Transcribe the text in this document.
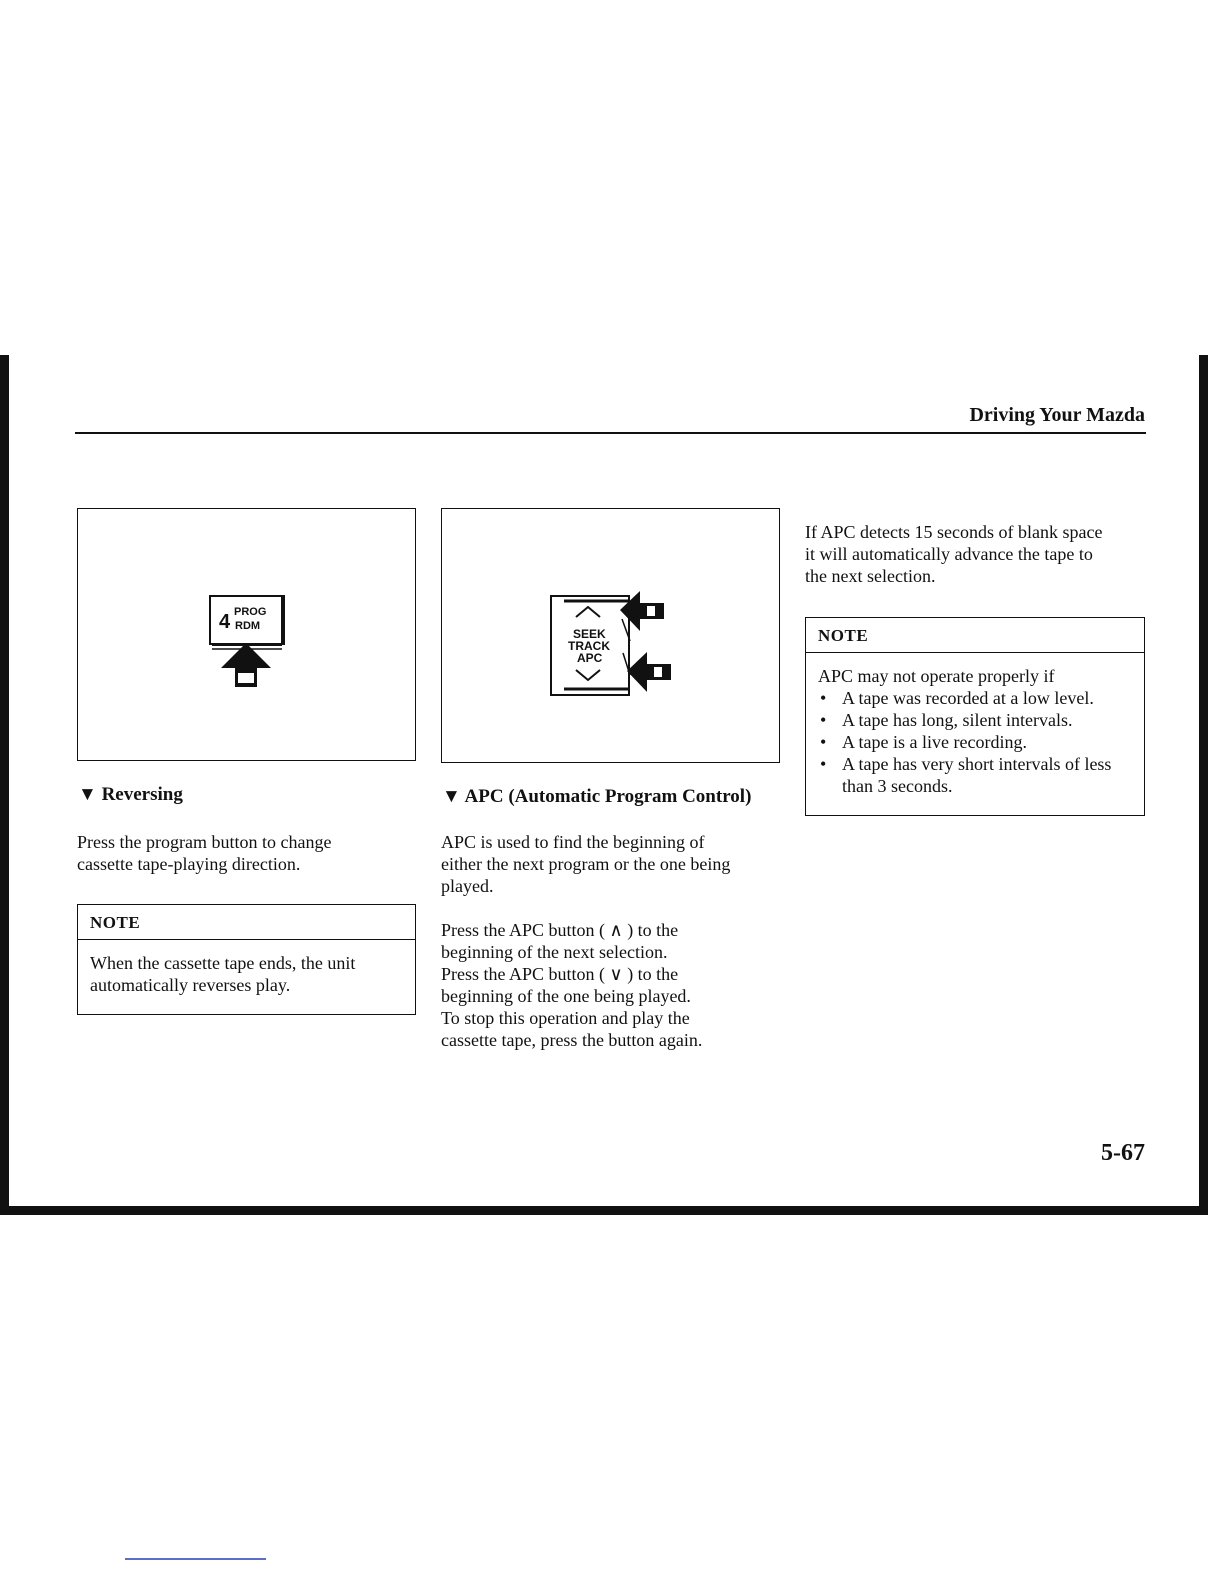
Driving Your Mazda
4 PROG
RDM
SEEK
TRACK
APC
▼ Reversing
Press the program button to change
cassette tape-playing direction.
NOTE
When the cassette tape ends, the unit
automatically reverses play.
▼ APC (Automatic Program Control)
APC is used to find the beginning of
either the next program or the one being
played.
Press the APC button ( ∧ ) to the
beginning of the next selection.
Press the APC button ( ∨ ) to the
beginning of the one being played.
To stop this operation and play the
cassette tape, press the button again.
If APC detects 15 seconds of blank space
it will automatically advance the tape to
the next selection.
NOTE
APC may not operate properly if
• A tape was recorded at a low level.
• A tape has long, silent intervals.
• A tape is a live recording.
• A tape has very short intervals of less than 3 seconds.
5-67
